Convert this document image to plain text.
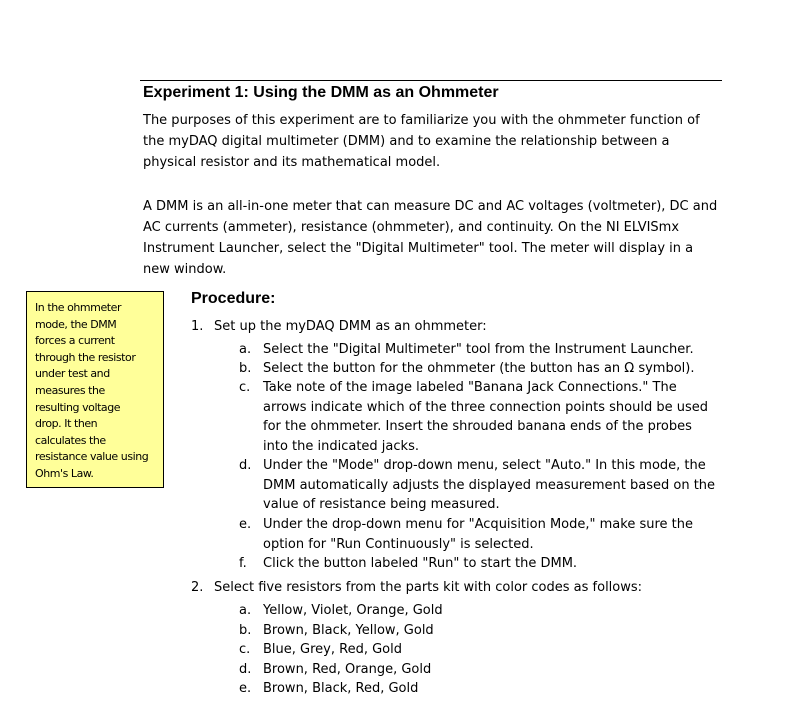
Experiment 1: Using the DMM as an Ohmmeter

The purposes of this experiment are to familiarize you with the ohmmeter function of
the myDAQ digital multimeter (DMM) and to examine the relationship between a
physical resistor and its mathematical model.

A DMM is an all-in-one meter that can measure DC and AC voltages (voltmeter), DC and
AC currents (ammeter), resistance (ohmmeter), and continuity. On the NI ELVISmx
Instrument Launcher, select the "Digital Multimeter" tool. The meter will display in a
new window.

In the ohmmeter
mode, the DMM
forces a current
through the resistor
under test and
measures the
resulting voltage
drop. It then
calculates the
resistance value using
Ohm's Law.
Procedure:
1. Set up the myDAQ DMM as an ohmmeter:
a. Select the "Digital Multimeter" tool from the Instrument Launcher.
b. Select the button for the ohmmeter (the button has an Ω symbol).
c. Take note of the image labeled "Banana Jack Connections." The
arrows indicate which of the three connection points should be used
for the ohmmeter. Insert the shrouded banana ends of the probes
into the indicated jacks.
d. Under the "Mode" drop-down menu, select "Auto." In this mode, the
DMM automatically adjusts the displayed measurement based on the
value of resistance being measured.
e. Under the drop-down menu for "Acquisition Mode," make sure the
option for "Run Continuously" is selected.
f. Click the button labeled "Run" to start the DMM.
2. Select five resistors from the parts kit with color codes as follows:
a. Yellow, Violet, Orange, Gold
b. Brown, Black, Yellow, Gold
c. Blue, Grey, Red, Gold
d. Brown, Red, Orange, Gold
e. Brown, Black, Red, Gold
